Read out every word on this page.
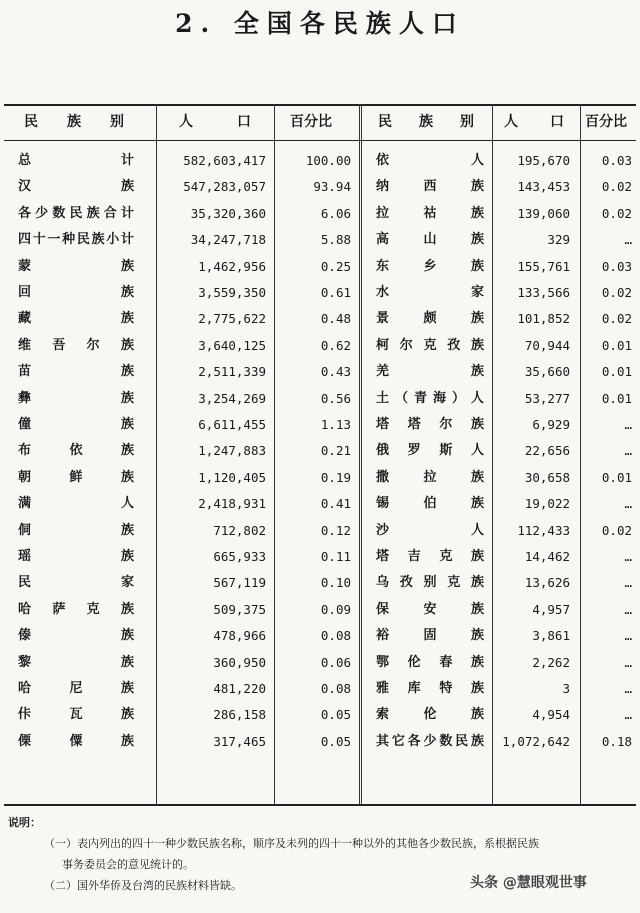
2. 全国各民族人口
民 族 别	人	口	百分比	民 族 别 人 口 百分比
总	计	582,603,417	100.00 依	人	195,670	0.03
汉	族	547,283,057	93.94 纳	西	族	143,453	0.02
各 少 数 民 族 合 计	35,320,360	6.06 拉	祜	族	139,060	0.02
四 十 一 种 民 族 小 计	34,247,718	5.88 高	山	族	329	…
蒙	族	1,462,956	0.25 东	乡	族	155,761	0.03
回	族	3,559,350	0.61 水	家	133,566	0.02
藏	族	2,775,622	0.48 景	颇	族	101,852	0.02
维 吾 尔 族	3,640,125	0.62 柯 尔 克 孜 族	70,944	0.01
苗	族	2,511,339	0.43 羌	族	35,660	0.01
彝	族	3,254,269	0.56 土 （ 青 海 ） 人	53,277	0.01
僮	族	6,611,455	1.13 塔 塔 尔 族	6,929	…
布	依	族	1,247,883	0.21 俄 罗 斯 人	22,656	…
朝	鲜	族	1,120,405	0.19 撒	拉	族	30,658	0.01
满	人	2,418,931	0.41 锡	伯	族	19,022	…
侗	族	712,802	0.12 沙	人	112,433	0.02
瑶	族	665,933	0.11 塔 吉 克 族	14,462	…
民	家	567,119	0.10 乌 孜 别 克 族	13,626	…
哈 萨 克 族	509,375	0.09 保	安	族	4,957	…
傣	族	478,966	0.08 裕	固	族	3,861	…
黎	族	360,950	0.06 鄂 伦 春 族	2,262	…
哈	尼	族	481,220	0.08 雅 库 特 族	3	…
佧	瓦	族	286,158	0.05 索	伦	族	4,954	…
傈	僳	族	317,465	0.05 其 它 各 少 数 民 族	1,072,642	0.18
说明：
（一）表内列出的四十一种少数民族名称，顺序及未列的四十一种以外的其他各少数民族，系根据民族
事务委员会的意见统计的。
（二）国外华侨及台湾的民族材料皆缺。	头条 @慧眼观世事
